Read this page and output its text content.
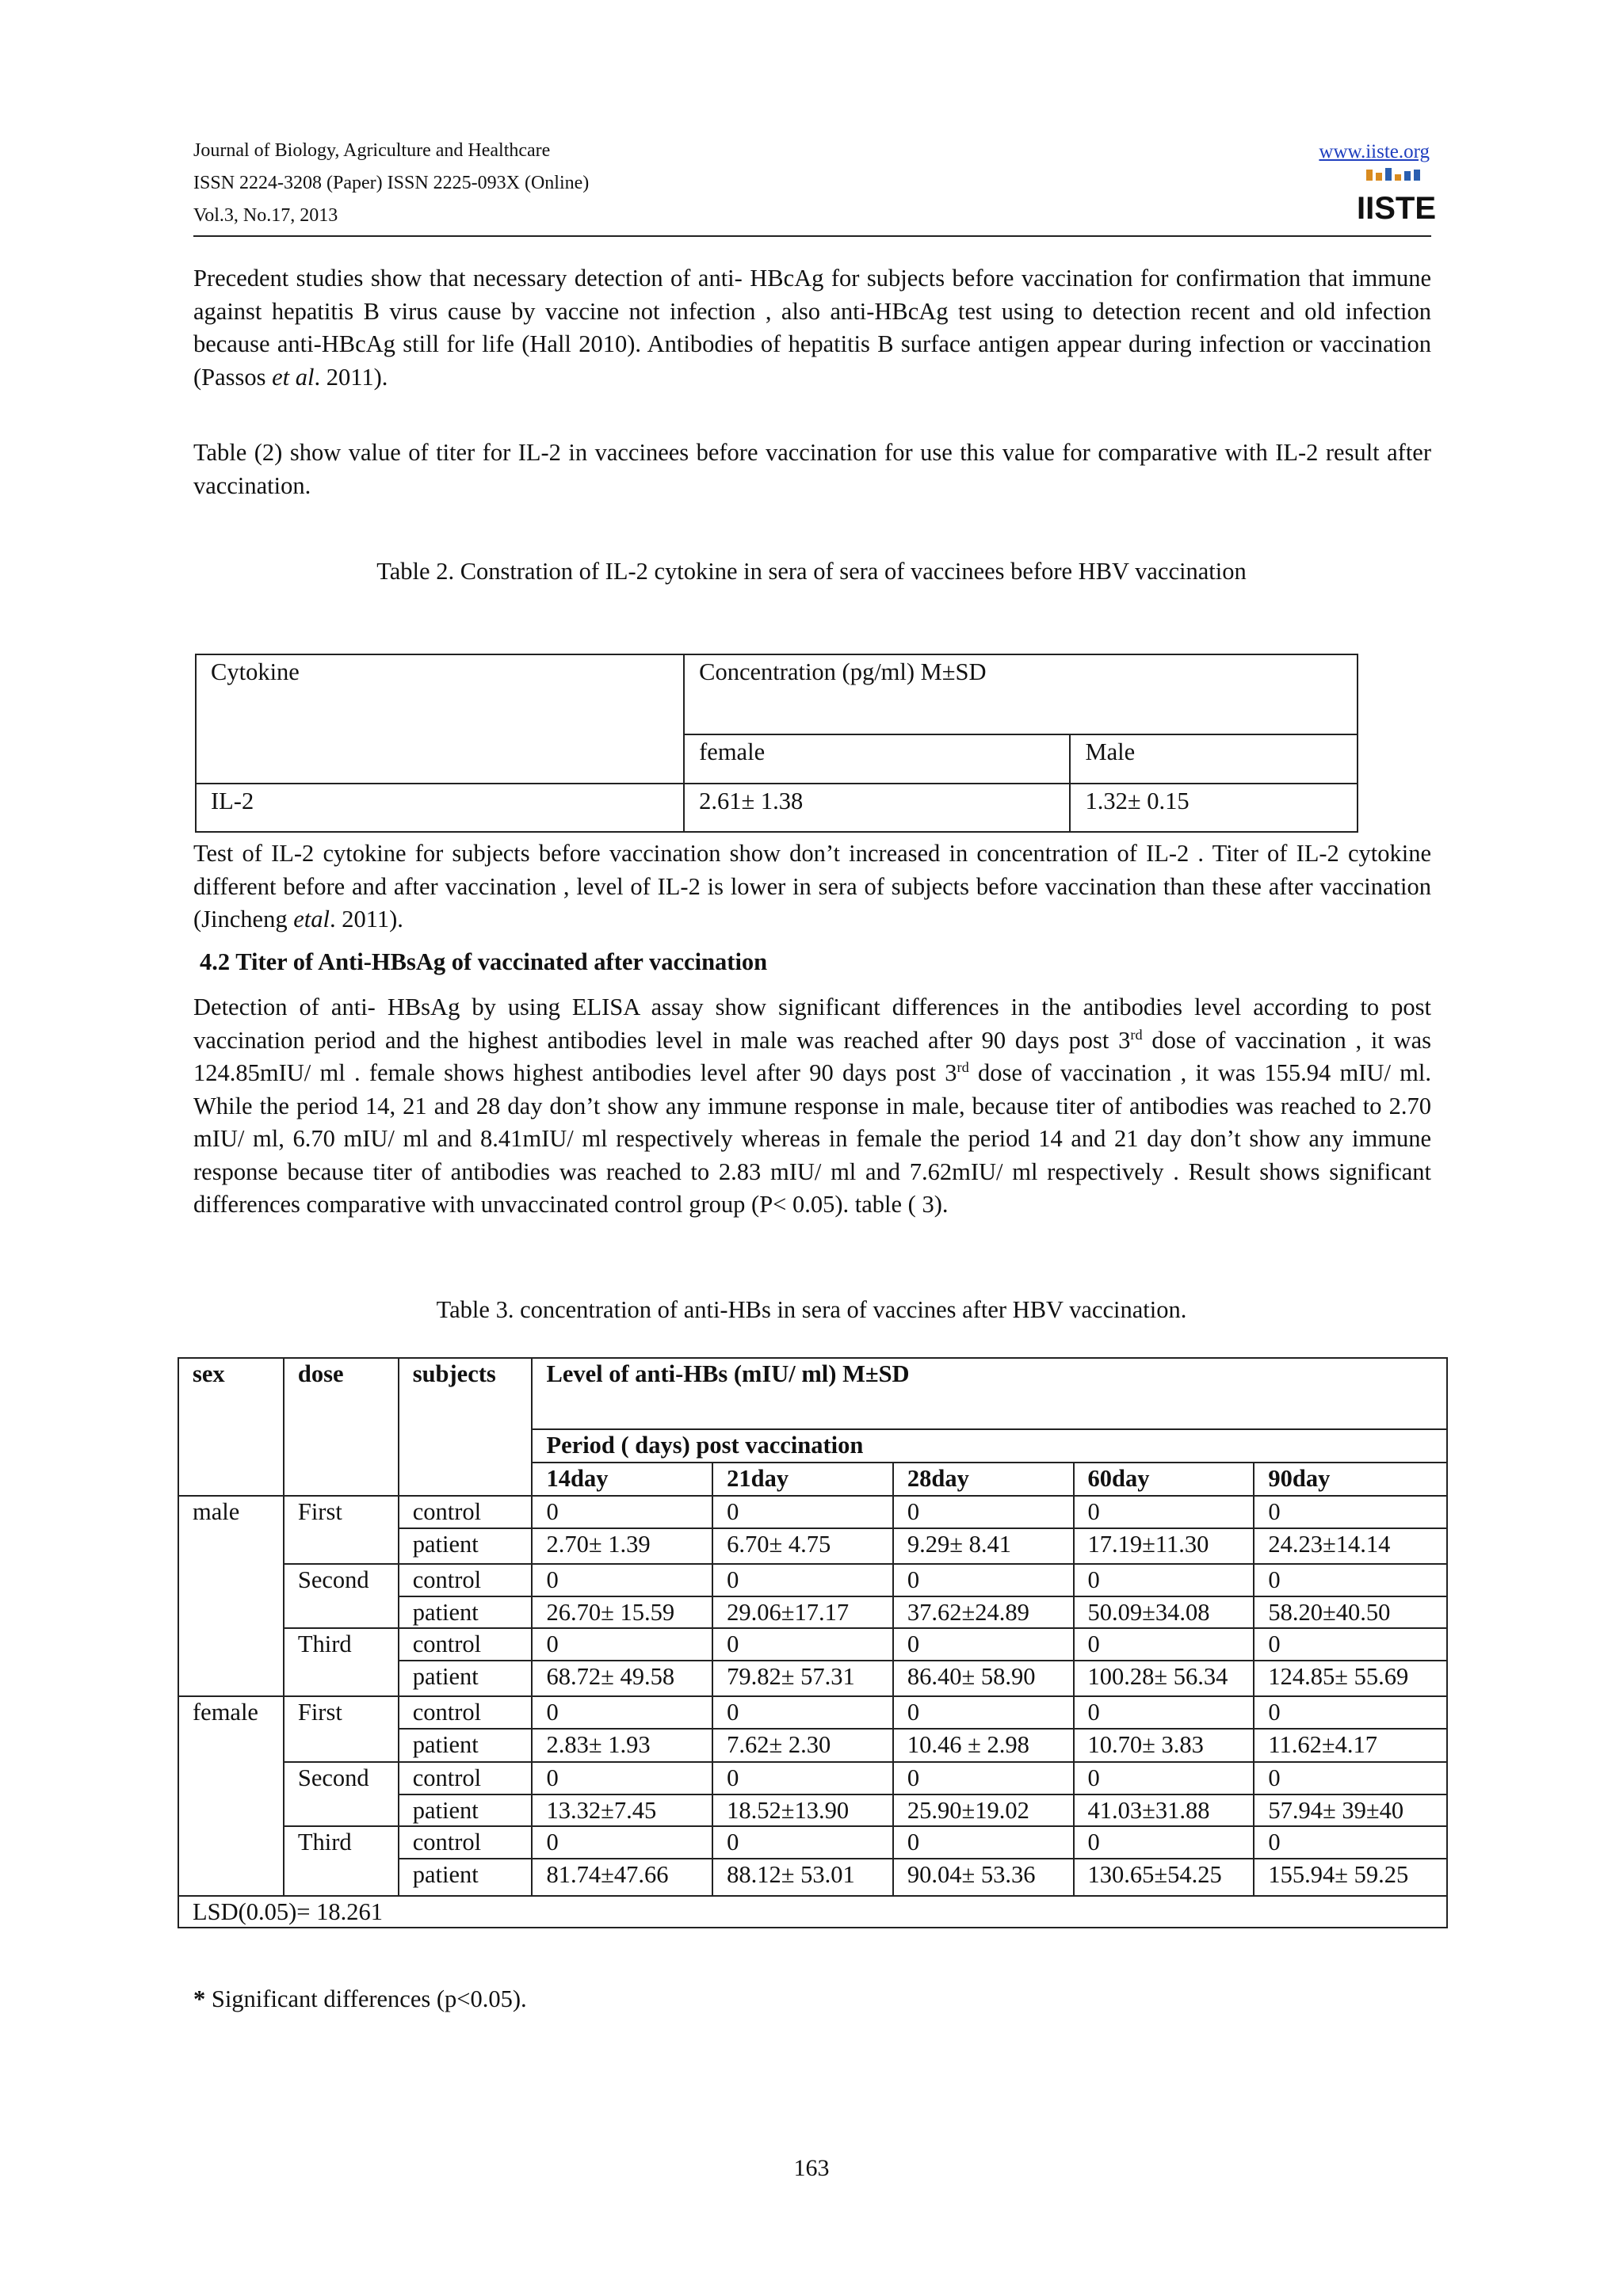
Journal of Biology, Agriculture and Healthcare
ISSN 2224-3208 (Paper) ISSN 2225-093X (Online)
Vol.3, No.17, 2013
www.iiste.org
IISTE

Precedent studies show that necessary detection of anti- HBcAg for subjects before vaccination for confirmation that immune against hepatitis B virus cause by vaccine not infection , also anti-HBcAg test using to detection recent and old infection because anti-HBcAg still for life (Hall 2010). Antibodies of hepatitis B surface antigen appear during infection or vaccination (Passos et al. 2011).

Table (2) show value of titer for IL-2 in vaccinees before vaccination for use this value for comparative with IL-2 result after vaccination.

Table 2. Constration of IL-2 cytokine in sera of sera of vaccinees before HBV vaccination
Cytokine	Concentration (pg/ml) M±SD	
	female	Male
IL-2	2.61± 1.38	1.32± 0.15

Test of IL-2 cytokine for subjects before vaccination show don’t increased in concentration of IL-2 . Titer of IL-2 cytokine different before and after vaccination , level of IL-2 is lower in sera of subjects before vaccination than these after vaccination (Jincheng etal. 2011).

4.2 Titer of Anti-HBsAg of vaccinated after vaccination

Detection of anti- HBsAg by using ELISA assay show significant differences in the antibodies level according to post vaccination period and the highest antibodies level in male was reached after 90 days post 3rd dose of vaccination , it was 124.85mIU/ ml . female shows highest antibodies level after 90 days post 3rd dose of vaccination , it was 155.94 mIU/ ml. While the period 14, 21 and 28 day don’t show any immune response in male, because titer of antibodies was reached to 2.70 mIU/ ml, 6.70 mIU/ ml and 8.41mIU/ ml respectively whereas in female the period 14 and 21 day don’t show any immune response because titer of antibodies was reached to 2.83 mIU/ ml and 7.62mIU/ ml respectively . Result shows significant differences comparative with unvaccinated control group (P< 0.05). table ( 3).

Table 3. concentration of anti-HBs in sera of vaccines after HBV vaccination.
sex	dose	subjects	Level of anti-HBs (mIU/ ml) M±SD				
			Period ( days) post vaccination				
			14day	21day	28day	60day	90day
male	First	control	0	0	0	0	0
		patient	2.70± 1.39	6.70± 4.75	9.29± 8.41	17.19±11.30	24.23±14.14
	Second	control	0	0	0	0	0
		patient	26.70± 15.59	29.06±17.17	37.62±24.89	50.09±34.08	58.20±40.50
	Third	control	0	0	0	0	0
		patient	68.72± 49.58	79.82± 57.31	86.40± 58.90	100.28± 56.34	124.85± 55.69
female	First	control	0	0	0	0	0
		patient	2.83± 1.93	7.62± 2.30	10.46 ± 2.98	10.70± 3.83	11.62±4.17
	Second	control	0	0	0	0	0
		patient	13.32±7.45	18.52±13.90	25.90±19.02	41.03±31.88	57.94± 39±40
	Third	control	0	0	0	0	0
		patient	81.74±47.66	88.12± 53.01	90.04± 53.36	130.65±54.25	155.94± 59.25
LSD(0.05)= 18.261							
* Significant differences (p<0.05).
163
